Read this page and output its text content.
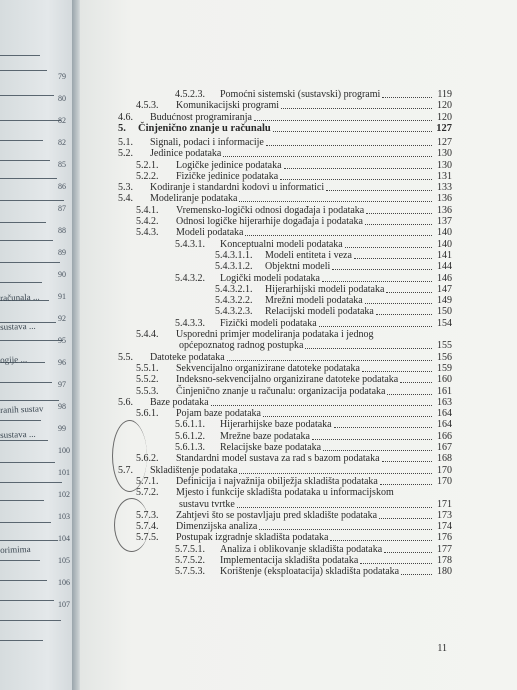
računala ...
sustava ...
ogije ...
ranih sustav
sustava ...
orimima
79
80
82
82
85
86
87
88
89
90
91
92
95
96
97
98
99
100
101
102
103
104
105
106
107
4.5.2.3.	Pomoćni sistemski (sustavski) programi	119
4.5.3.	Komunikacijski programi	120
4.6.	Budućnost programiranja	120
5.	Činjenično znanje u računalu	127
5.1.	Signali, podaci i informacije	127
5.2.	Jedinice podataka	130
5.2.1.	Logičke jedinice podataka	130
5.2.2.	Fizičke jedinice podataka	131
5.3.	Kodiranje i standardni kodovi u informatici	133
5.4.	Modeliranje podataka	136
5.4.1.	Vremensko-logički odnosi događaja i podataka	136
5.4.2.	Odnosi logičke hijerarhije događaja i podataka	137
5.4.3.	Modeli podataka	140
5.4.3.1.	Konceptualni modeli podataka	140
5.4.3.1.1.	Modeli entiteta i veza	141
5.4.3.1.2.	Objektni modeli	144
5.4.3.2.	Logički modeli podataka	146
5.4.3.2.1.	Hijerarhijski modeli podataka	147
5.4.3.2.2.	Mrežni modeli podataka	149
5.4.3.2.3.	Relacijski modeli podataka	150
5.4.3.3.	Fizički modeli podataka	154
5.4.4.	Usporedni primjer modeliranja podataka i jednog
općepoznatog radnog postupka	155
5.5.	Datoteke podataka	156
5.5.1.	Sekvencijalno organizirane datoteke podataka	159
5.5.2.	Indeksno-sekvencijalno organizirane datoteke podataka	160
5.5.3.	Činjenično znanje u računalu: organizacija podataka	161
5.6.	Baze podataka	163
5.6.1.	Pojam baze podataka	164
5.6.1.1.	Hijerarhijske baze podataka	164
5.6.1.2.	Mrežne baze podataka	166
5.6.1.3.	Relacijske baze podataka	167
5.6.2.	Standardni model sustava za rad s bazom podataka	168
5.7.	Skladištenje podataka	170
5.7.1.	Definicija i najvažnija obilježja skladišta podataka	170
5.7.2.	Mjesto i funkcije skladišta podataka u informacijskom
sustavu tvrtke	171
5.7.3.	Zahtjevi što se postavljaju pred skladište podataka	173
5.7.4.	Dimenzijska analiza	174
5.7.5.	Postupak izgradnje skladišta podataka	176
5.7.5.1.	Analiza i oblikovanje skladišta podataka	177
5.7.5.2.	Implementacija skladišta podataka	178
5.7.5.3.	Korištenje (eksploatacija) skladišta podataka	180
11
